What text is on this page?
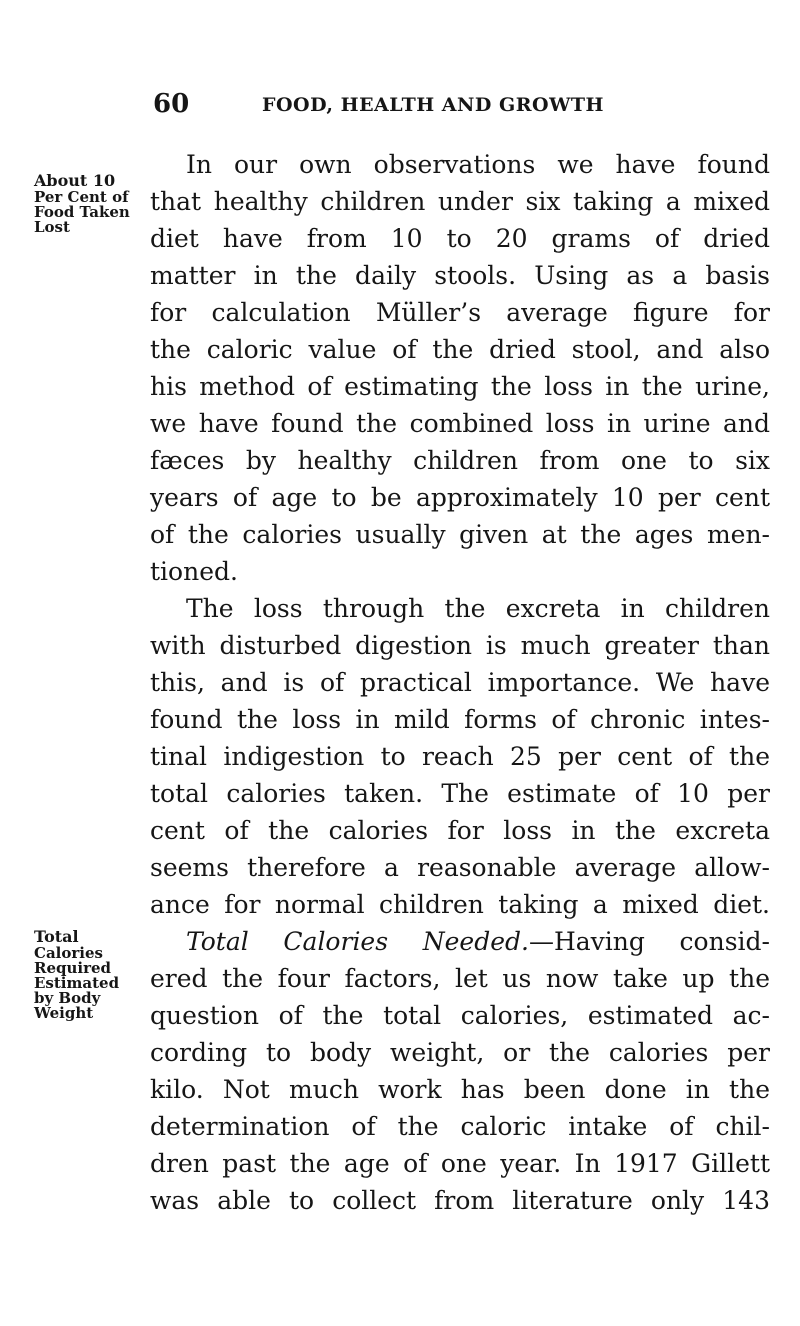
60	FOOD, HEALTH AND GROWTH
About 10
Per Cent of
Food Taken
Lost
Total
Calories
Required
Estimated
by Body
Weight
In our own observations we have found
that healthy children under six taking a mixed
diet have from 10 to 20 grams of dried
matter in the daily stools. Using as a basis
for calculation Müller’s average figure for
the caloric value of the dried stool, and also
his method of estimating the loss in the urine,
we have found the combined loss in urine and
fæces by healthy children from one to six
years of age to be approximately 10 per cent
of the calories usually given at the ages men-
tioned.
The loss through the excreta in children
with disturbed digestion is much greater than
this, and is of practical importance. We have
found the loss in mild forms of chronic intes-
tinal indigestion to reach 25 per cent of the
total calories taken. The estimate of 10 per
cent of the calories for loss in the excreta
seems therefore a reasonable average allow-
ance for normal children taking a mixed diet.
Total Calories Needed.—Having consid-
ered the four factors, let us now take up the
question of the total calories, estimated ac-
cording to body weight, or the calories per
kilo. Not much work has been done in the
determination of the caloric intake of chil-
dren past the age of one year. In 1917 Gillett
was able to collect from literature only 143
